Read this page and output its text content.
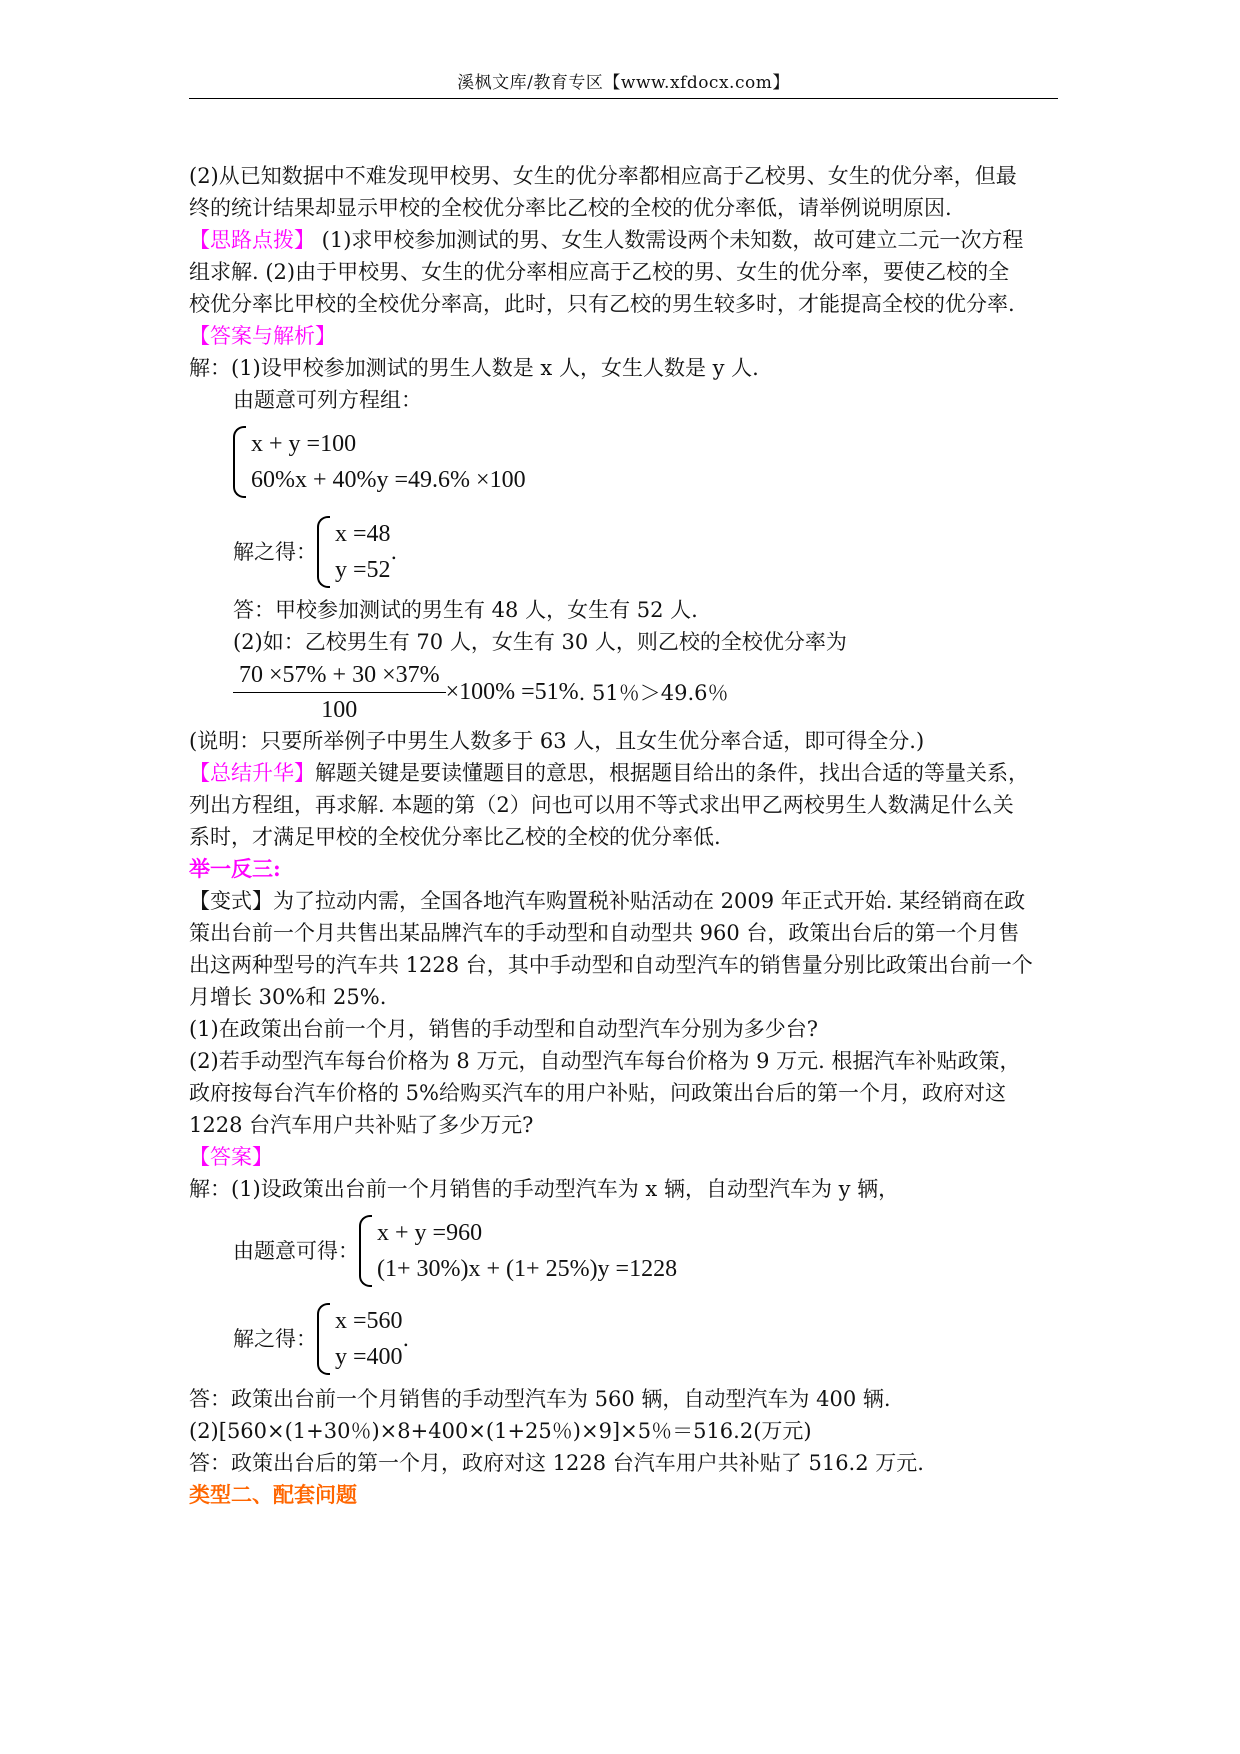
溪枫文库/教育专区【www.xfdocx.com】

(2)从已知数据中不难发现甲校男、女生的优分率都相应高于乙校男、女生的优分率，但最

终的统计结果却显示甲校的全校优分率比乙校的全校的优分率低，请举例说明原因.

【思路点拨】 (1)求甲校参加测试的男、女生人数需设两个未知数，故可建立二元一次方程

组求解. (2)由于甲校男、女生的优分率相应高于乙校的男、女生的优分率，要使乙校的全

校优分率比甲校的全校优分率高，此时，只有乙校的男生较多时，才能提高全校的优分率.

【答案与解析】

解：(1)设甲校参加测试的男生人数是 x 人，女生人数是 y 人.

由题意可列方程组：

x + y =100
60%x + 40%y =49.6% ×100
解之得：
x =48
y =52
.

答：甲校参加测试的男生有 48 人，女生有 52 人.

(2)如：乙校男生有 70 人，女生有 30 人，则乙校的全校优分率为

$\frac{70 \times 57\% + 30 \times 37\%}{100} \times 100\% =51\%$ . 51％＞49.6％

(说明：只要所举例子中男生人数多于 63 人，且女生优分率合适，即可得全分.)

【总结升华】解题关键是要读懂题目的意思，根据题目给出的条件，找出合适的等量关系，

列出方程组，再求解. 本题的第（2）问也可以用不等式求出甲乙两校男生人数满足什么关

系时，才满足甲校的全校优分率比乙校的全校的优分率低.

举一反三:

【变式】为了拉动内需，全国各地汽车购置税补贴活动在 2009 年正式开始. 某经销商在政

策出台前一个月共售出某品牌汽车的手动型和自动型共 960 台，政策出台后的第一个月售

出这两种型号的汽车共 1228 台，其中手动型和自动型汽车的销售量分别比政策出台前一个

月增长 30%和 25%.

(1)在政策出台前一个月，销售的手动型和自动型汽车分别为多少台?

(2)若手动型汽车每台价格为 8 万元，自动型汽车每台价格为 9 万元. 根据汽车补贴政策，

政府按每台汽车价格的 5%给购买汽车的用户补贴，问政策出台后的第一个月，政府对这

1228 台汽车用户共补贴了多少万元?

【答案】

解：(1)设政策出台前一个月销售的手动型汽车为 x 辆，自动型汽车为 y 辆，

由题意可得：
x + y =960
(1+ 30%)x + (1+ 25%)y =1228
解之得：
x =560
y =400
.

答：政策出台前一个月销售的手动型汽车为 560 辆，自动型汽车为 400 辆.

(2)[560×(1+30％)×8+400×(1+25％)×9]×5％＝516.2(万元)

答：政策出台后的第一个月，政府对这 1228 台汽车用户共补贴了 516.2 万元.

类型二、配套问题
